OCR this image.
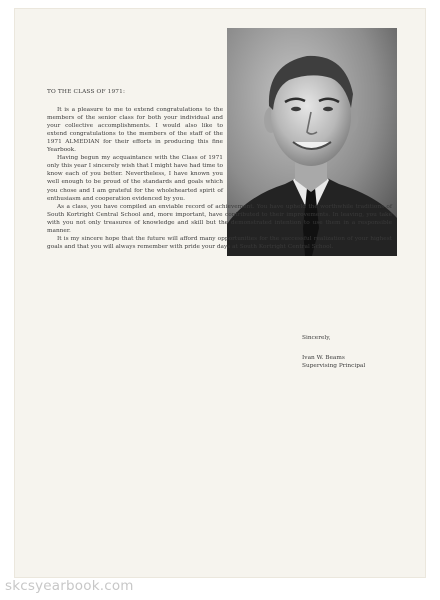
TO THE CLASS OF 1971:

It is a pleasure to me to extend congratulations to the members of the senior class for both your individual and your collective accomplishments. I would also like to extend congratulations to the members of the staff of the 1971 ALMEDIAN for their efforts in producing this fine Yearbook.

Having begun my acquaintance with the Class of 1971 only this year I sincerely wish that I might have had time to know each of you better. Nevertheless, I have known you well enough to be proud of the standards and goals which you chose and I am grateful for the wholehearted spirit of enthusiasm and cooperation evidenced by you.

As a class, you have compiled an enviable record of achievement. You have upheld the worthwhile traditions of South Kortright Central School and, more important, have contributed to their improvements. In leaving, you take with you not only treasures of knowledge and skill but the demonstrated intention to use them in a responsible manner.

It is my sincere hope that the future will afford many opportunities for the successful realization of your highest goals and that you will always remember with pride your days at South Kortright Central School.

Sincerely,
Ivan W. Beams
Supervising Principal
skcsyearbook.com
